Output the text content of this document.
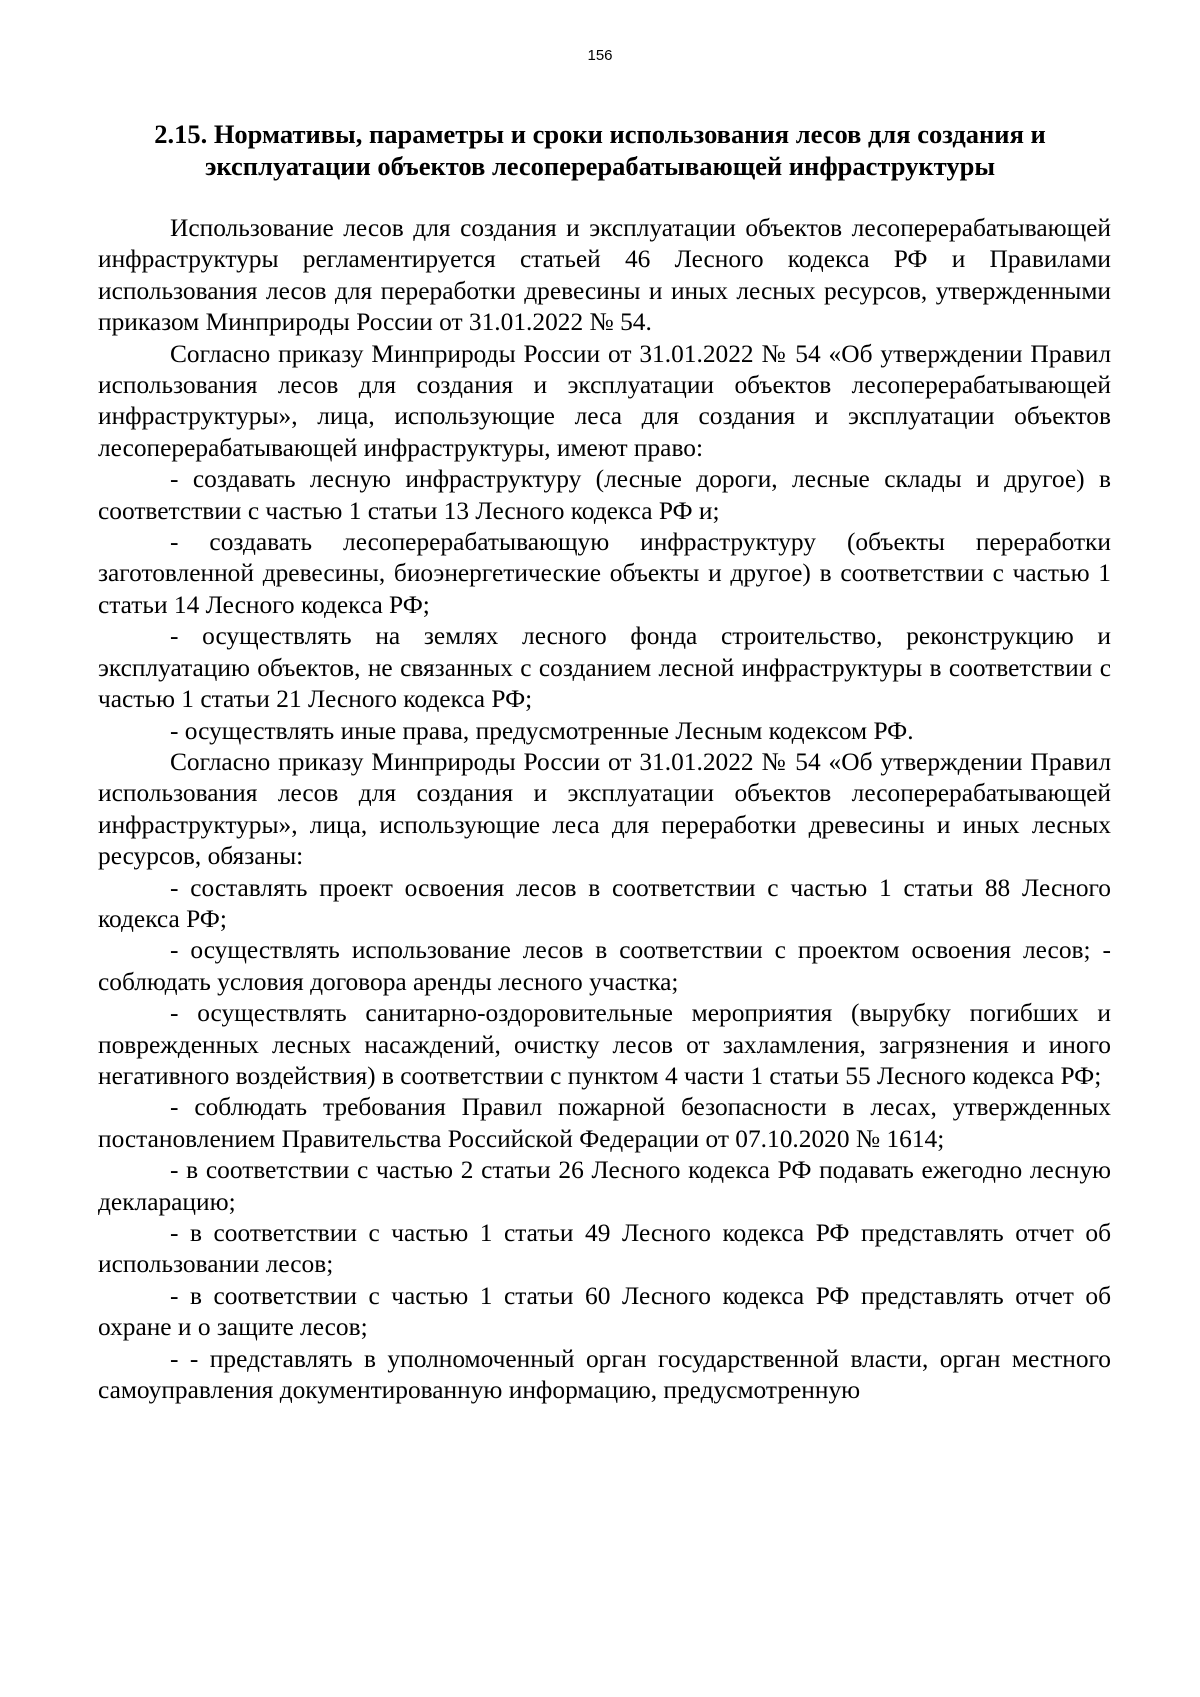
156
2.15. Нормативы, параметры и сроки использования лесов для создания и эксплуатации объектов лесоперерабатывающей инфраструктуры

Использование лесов для создания и эксплуатации объектов лесоперерабатывающей инфраструктуры регламентируется статьей 46 Лесного кодекса РФ и Правилами использования лесов для переработки древесины и иных лесных ресурсов, утвержденными приказом Минприроды России от 31.01.2022 № 54.

Согласно приказу Минприроды России от 31.01.2022 № 54 «Об утверждении Правил использования лесов для создания и эксплуатации объектов лесоперерабатывающей инфраструктуры», лица, использующие леса для создания и эксплуатации объектов лесоперерабатывающей инфраструктуры, имеют право:

- создавать лесную инфраструктуру (лесные дороги, лесные склады и другое) в соответствии с частью 1 статьи 13 Лесного кодекса РФ и;

- создавать лесоперерабатывающую инфраструктуру (объекты переработки заготовленной древесины, биоэнергетические объекты и другое) в соответствии с частью 1 статьи 14 Лесного кодекса РФ;

- осуществлять на землях лесного фонда строительство, реконструкцию и эксплуатацию объектов, не связанных с созданием лесной инфраструктуры в соответствии с частью 1 статьи 21 Лесного кодекса РФ;

- осуществлять иные права, предусмотренные Лесным кодексом РФ.

Согласно приказу Минприроды России от 31.01.2022 № 54 «Об утверждении Правил использования лесов для создания и эксплуатации объектов лесоперерабатывающей инфраструктуры», лица, использующие леса для переработки древесины и иных лесных ресурсов, обязаны:

- составлять проект освоения лесов в соответствии с частью 1 статьи 88 Лесного кодекса РФ;

- осуществлять использование лесов в соответствии с проектом освоения лесов; - соблюдать условия договора аренды лесного участка;

- осуществлять санитарно-оздоровительные мероприятия (вырубку погибших и поврежденных лесных насаждений, очистку лесов от захламления, загрязнения и иного негативного воздействия) в соответствии с пунктом 4 части 1 статьи 55 Лесного кодекса РФ;

- соблюдать требования Правил пожарной безопасности в лесах, утвержденных постановлением Правительства Российской Федерации от 07.10.2020 № 1614;

- в соответствии с частью 2 статьи 26 Лесного кодекса РФ подавать ежегодно лесную декларацию;

- в соответствии с частью 1 статьи 49 Лесного кодекса РФ представлять отчет об использовании лесов;

- в соответствии с частью 1 статьи 60 Лесного кодекса РФ представлять отчет об охране и о защите лесов;

- - представлять в уполномоченный орган государственной власти, орган местного самоуправления документированную информацию, предусмотренную
